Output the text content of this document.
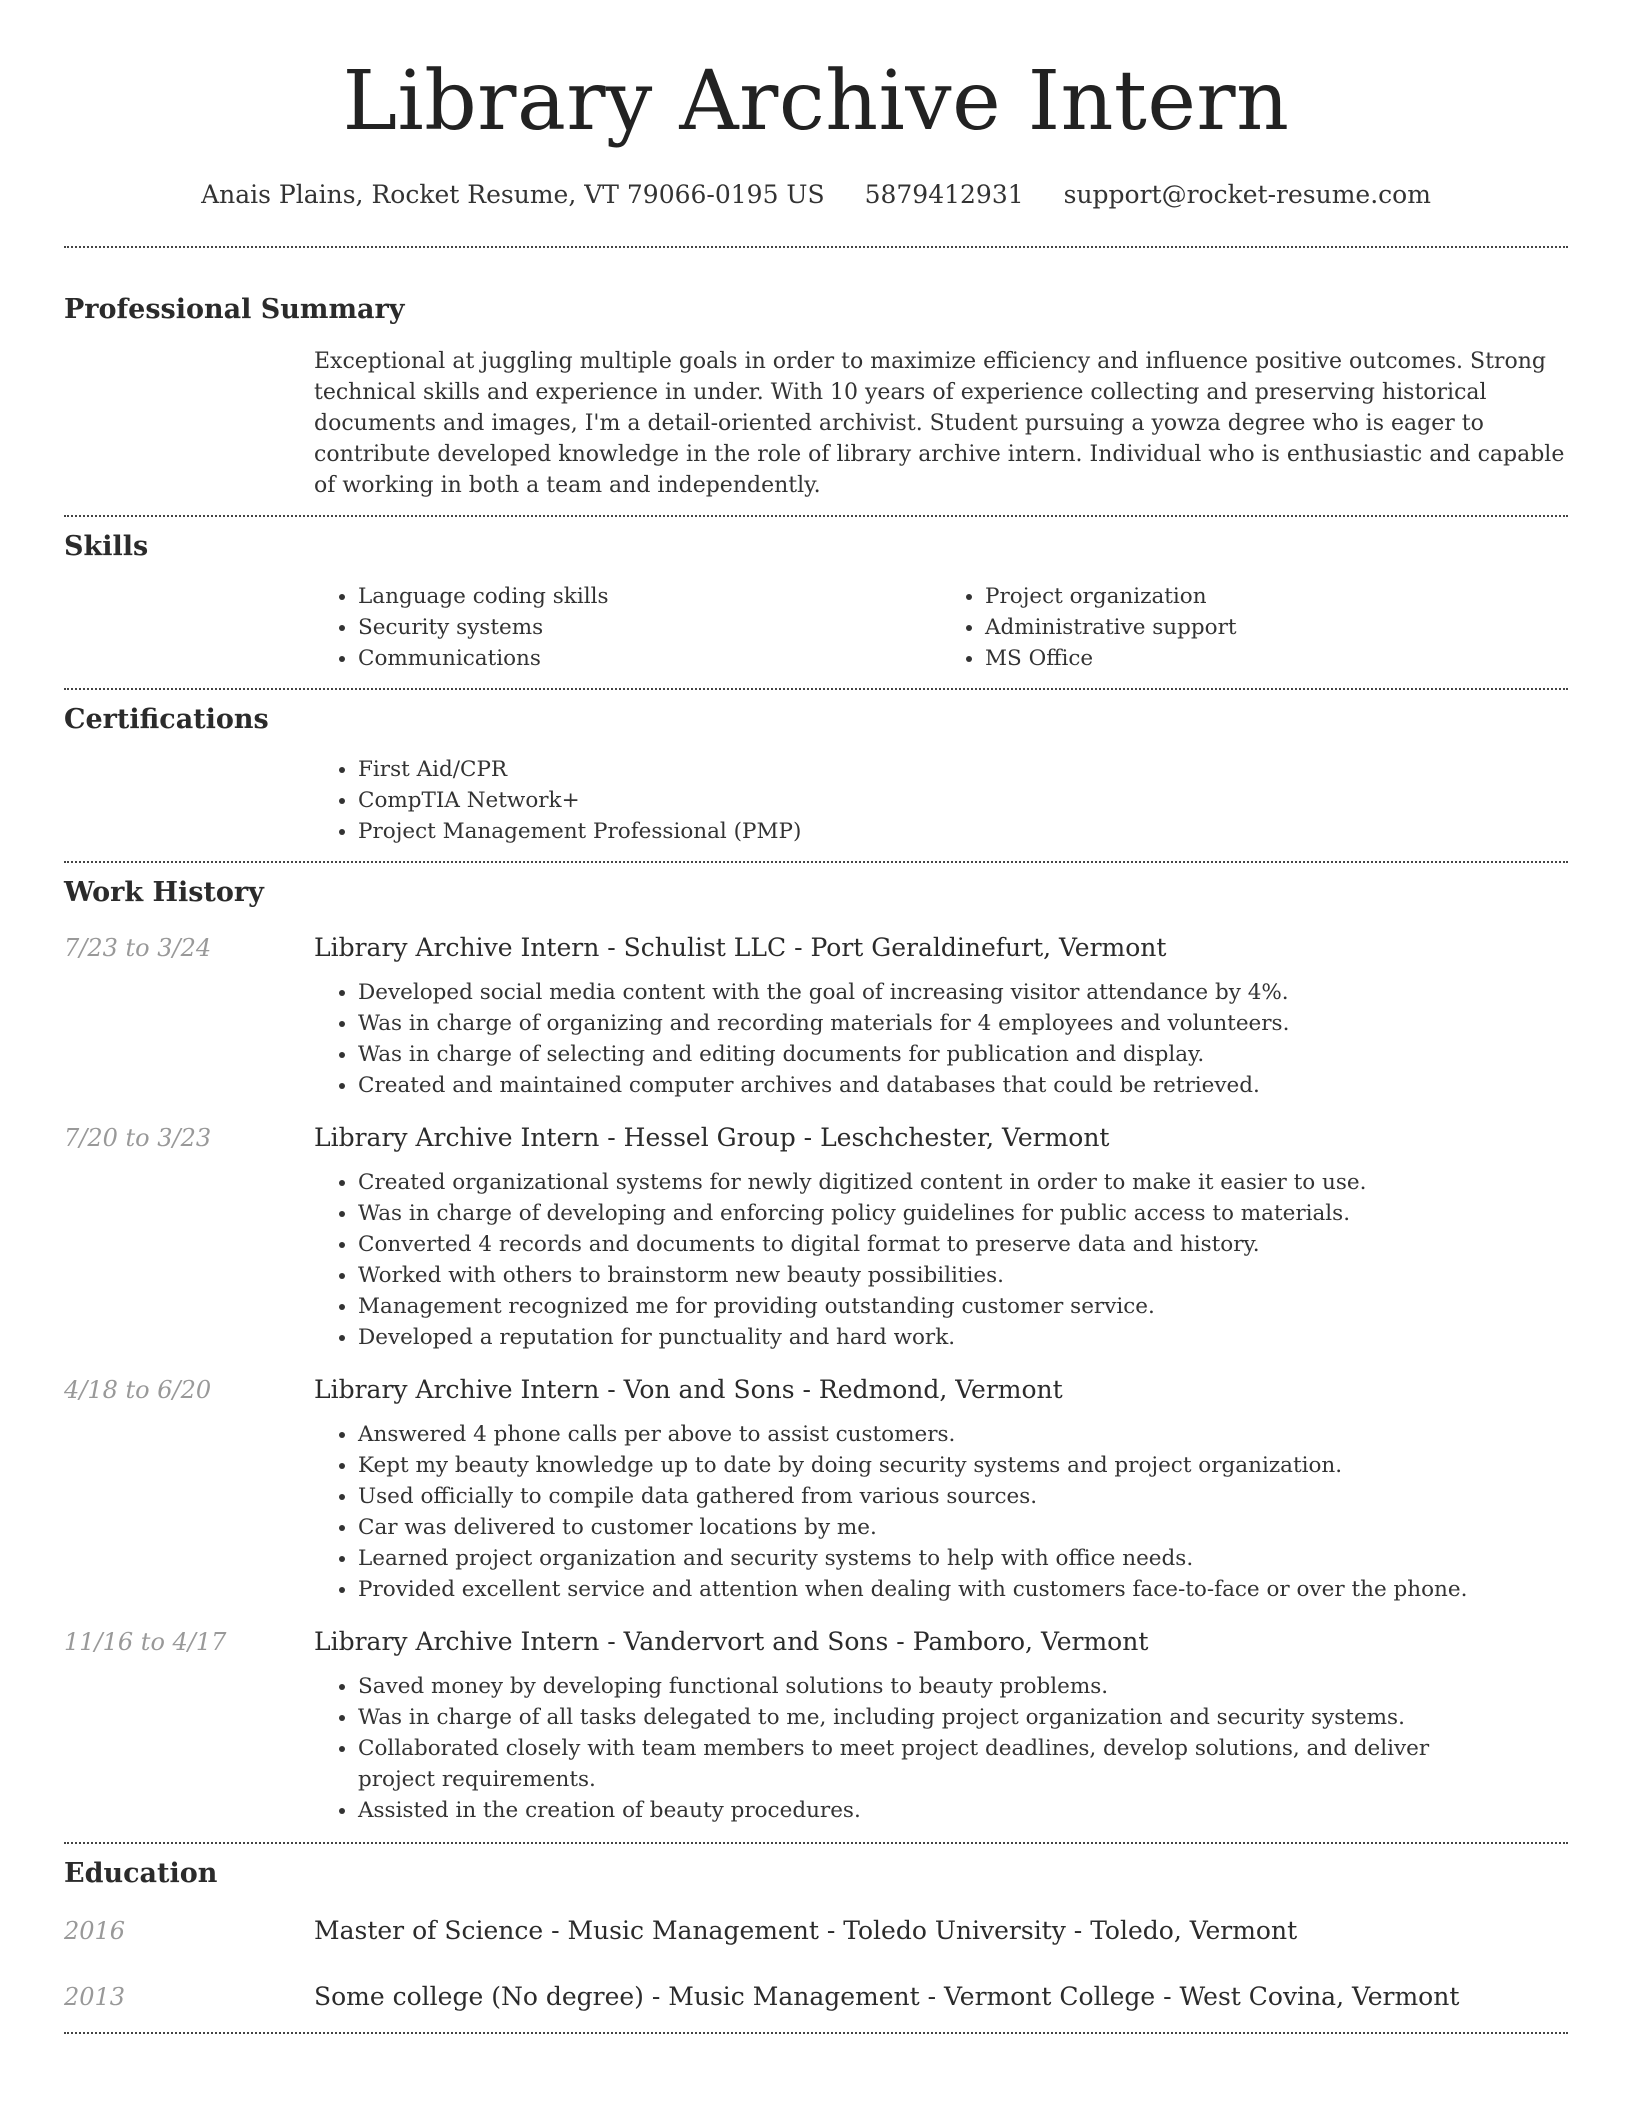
Library Archive Intern
Anais Plains, Rocket Resume, VT 79066-0195 US 5879412931 support@rocket-resume.com
Professional Summary
Exceptional at juggling multiple goals in order to maximize efficiency and influence positive outcomes. Strong technical skills and experience in under. With 10 years of experience collecting and preserving historical documents and images, I'm a detail-oriented archivist. Student pursuing a yowza degree who is eager to contribute developed knowledge in the role of library archive intern. Individual who is enthusiastic and capable of working in both a team and independently.
Skills
• Language coding skills
• Security systems
• Communications
• Project organization
• Administrative support
• MS Office
Certifications
• First Aid/CPR
• CompTIA Network+
• Project Management Professional (PMP)
Work History
7/23 to 3/24	Library Archive Intern - Schulist LLC - Port Geraldinefurt, Vermont
• Developed social media content with the goal of increasing visitor attendance by 4%.
• Was in charge of organizing and recording materials for 4 employees and volunteers.
• Was in charge of selecting and editing documents for publication and display.
• Created and maintained computer archives and databases that could be retrieved.
7/20 to 3/23	Library Archive Intern - Hessel Group - Leschchester, Vermont
• Created organizational systems for newly digitized content in order to make it easier to use.
• Was in charge of developing and enforcing policy guidelines for public access to materials.
• Converted 4 records and documents to digital format to preserve data and history.
• Worked with others to brainstorm new beauty possibilities.
• Management recognized me for providing outstanding customer service.
• Developed a reputation for punctuality and hard work.
4/18 to 6/20	Library Archive Intern - Von and Sons - Redmond, Vermont
• Answered 4 phone calls per above to assist customers.
• Kept my beauty knowledge up to date by doing security systems and project organization.
• Used officially to compile data gathered from various sources.
• Car was delivered to customer locations by me.
• Learned project organization and security systems to help with office needs.
• Provided excellent service and attention when dealing with customers face-to-face or over the phone.
11/16 to 4/17	Library Archive Intern - Vandervort and Sons - Pamboro, Vermont
• Saved money by developing functional solutions to beauty problems.
• Was in charge of all tasks delegated to me, including project organization and security systems.
• Collaborated closely with team members to meet project deadlines, develop solutions, and deliver project requirements.
• Assisted in the creation of beauty procedures.
Education
2016	Master of Science - Music Management - Toledo University - Toledo, Vermont
2013	Some college (No degree) - Music Management - Vermont College - West Covina, Vermont
